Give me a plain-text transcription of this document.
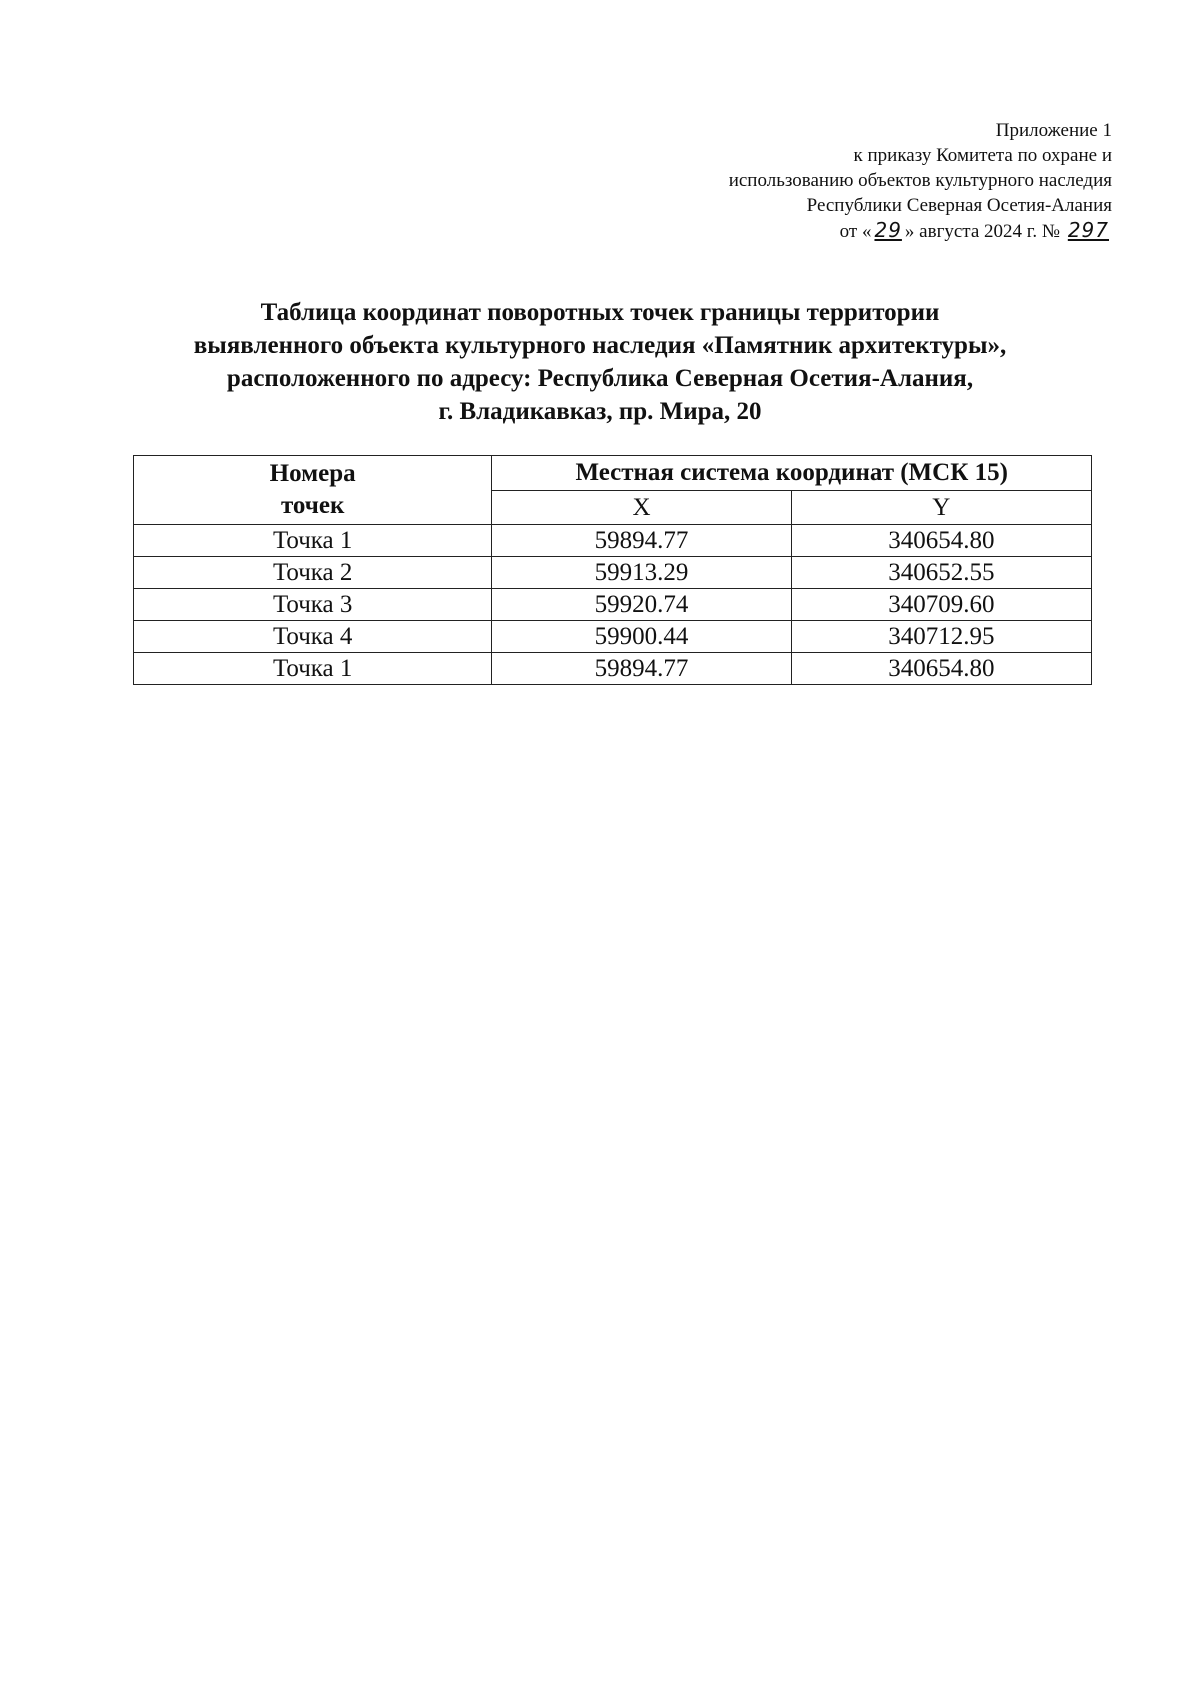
Приложение 1
к приказу Комитета по охране и
использованию объектов культурного наследия
Республики Северная Осетия-Алания
от « 29 » августа 2024 г. № 297
Таблица координат поворотных точек границы территории
выявленного объекта культурного наследия «Памятник архитектуры»,
расположенного по адресу: Республика Северная Осетия-Алания,
г. Владикавказ, пр. Мира, 20
Номера
точек	Местная система координат (МСК 15)	
	X	Y
Точка 1	59894.77	340654.80
Точка 2	59913.29	340652.55
Точка 3	59920.74	340709.60
Точка 4	59900.44	340712.95
Точка 1	59894.77	340654.80
